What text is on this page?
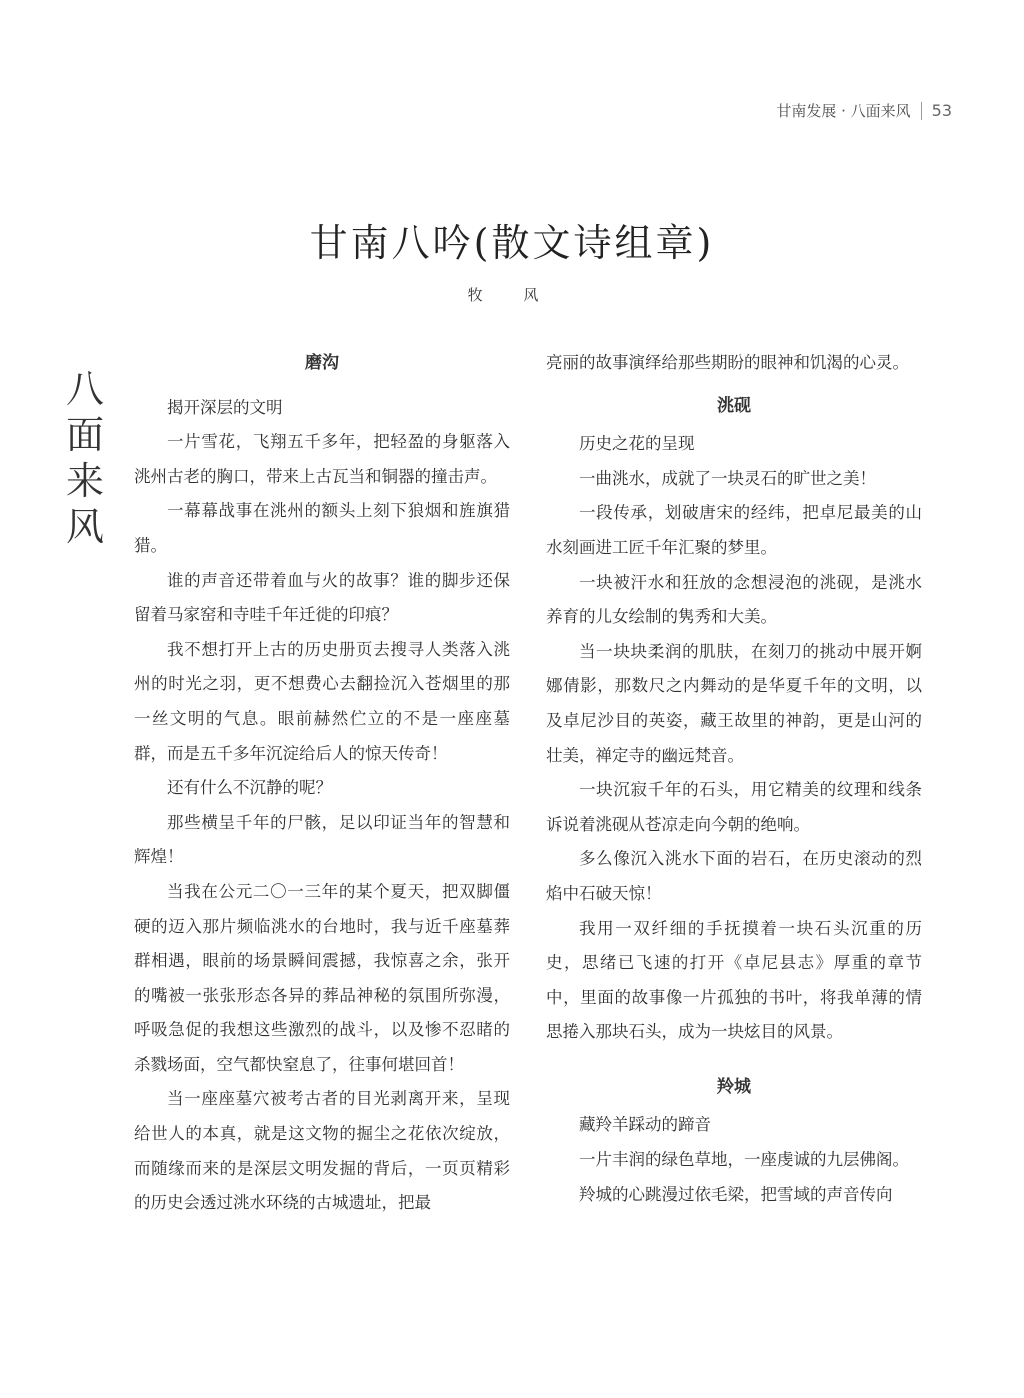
甘南发展 · 八面来风 53
甘南八吟(散文诗组章)
牧 风
八
面
来
风
磨沟

揭开深层的文明

一片雪花，飞翔五千多年，把轻盈的身躯落入洮州古老的胸口，带来上古瓦当和铜器的撞击声。

一幕幕战事在洮州的额头上刻下狼烟和旌旗猎猎。

谁的声音还带着血与火的故事？谁的脚步还保留着马家窑和寺哇千年迁徙的印痕？

我不想打开上古的历史册页去搜寻人类落入洮州的时光之羽，更不想费心去翻捡沉入苍烟里的那一丝文明的气息。眼前赫然伫立的不是一座座墓群，而是五千多年沉淀给后人的惊天传奇！

还有什么不沉静的呢？

那些横呈千年的尸骸，足以印证当年的智慧和辉煌！

当我在公元二〇一三年的某个夏天，把双脚僵硬的迈入那片频临洮水的台地时，我与近千座墓葬群相遇，眼前的场景瞬间震撼，我惊喜之余，张开的嘴被一张张形态各异的葬品神秘的氛围所弥漫，呼吸急促的我想这些激烈的战斗，以及惨不忍睹的杀戮场面，空气都快窒息了，往事何堪回首！

当一座座墓穴被考古者的目光剥离开来，呈现给世人的本真，就是这文物的掘尘之花依次绽放，而随缘而来的是深层文明发掘的背后，一页页精彩的历史会透过洮水环绕的古城遗址，把最

亮丽的故事演绎给那些期盼的眼神和饥渴的心灵。

洮砚

历史之花的呈现

一曲洮水，成就了一块灵石的旷世之美！

一段传承，划破唐宋的经纬，把卓尼最美的山水刻画进工匠千年汇聚的梦里。

一块被汗水和狂放的念想浸泡的洮砚，是洮水养育的儿女绘制的隽秀和大美。

当一块块柔润的肌肤，在刻刀的挑动中展开婀娜倩影，那数尺之内舞动的是华夏千年的文明，以及卓尼沙目的英姿，藏王故里的神韵，更是山河的壮美，禅定寺的幽远梵音。

一块沉寂千年的石头，用它精美的纹理和线条诉说着洮砚从苍凉走向今朝的绝响。

多么像沉入洮水下面的岩石，在历史滚动的烈焰中石破天惊！

我用一双纤细的手抚摸着一块石头沉重的历史，思绪已飞速的打开《卓尼县志》厚重的章节中，里面的故事像一片孤独的书叶，将我单薄的情思捲入那块石头，成为一块炫目的风景。

羚城

藏羚羊踩动的蹄音

一片丰润的绿色草地，一座虔诚的九层佛阁。

羚城的心跳漫过依毛梁，把雪域的声音传向
